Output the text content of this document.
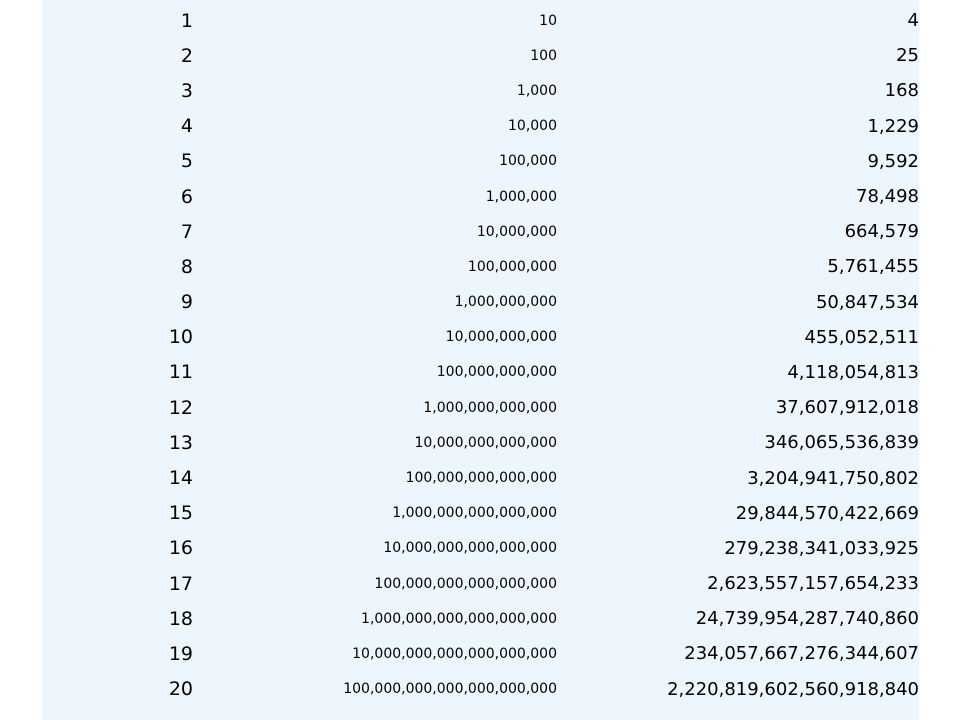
1	10	4
2	100	25
3	1,000	168
4	10,000	1,229
5	100,000	9,592
6	1,000,000	78,498
7	10,000,000	664,579
8	100,000,000	5,761,455
9	1,000,000,000	50,847,534
10	10,000,000,000	455,052,511
11	100,000,000,000	4,118,054,813
12	1,000,000,000,000	37,607,912,018
13	10,000,000,000,000	346,065,536,839
14	100,000,000,000,000	3,204,941,750,802
15	1,000,000,000,000,000	29,844,570,422,669
16	10,000,000,000,000,000	279,238,341,033,925
17	100,000,000,000,000,000	2,623,557,157,654,233
18	1,000,000,000,000,000,000	24,739,954,287,740,860
19	10,000,000,000,000,000,000	234,057,667,276,344,607
20	100,000,000,000,000,000,000	2,220,819,602,560,918,840
